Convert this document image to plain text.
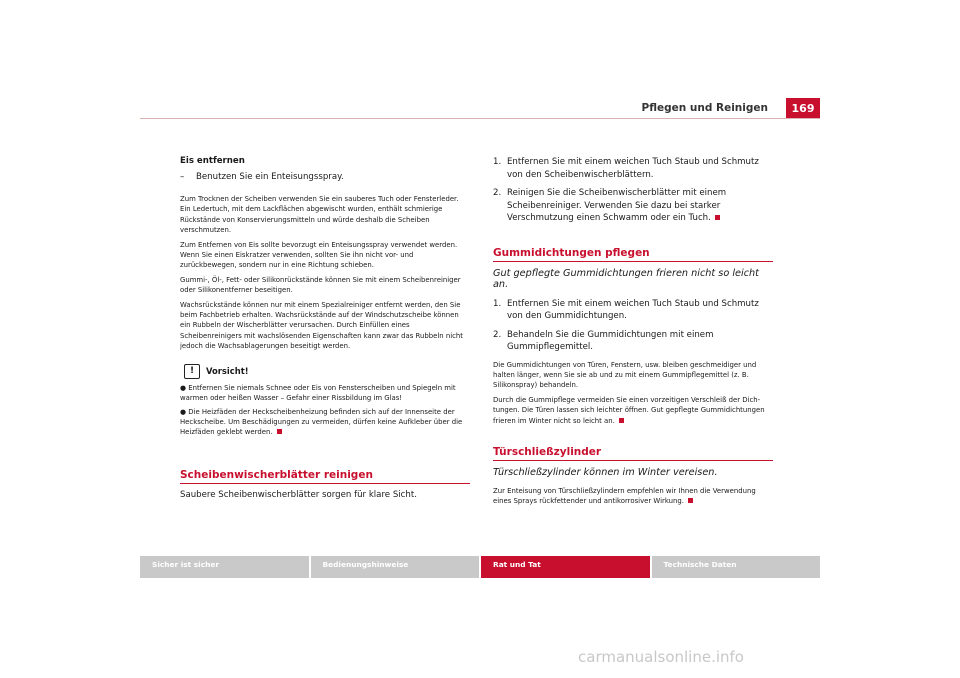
Pflegen und Reinigen	169

Eis entfernen

–	Benutzen Sie ein Enteisungsspray.

Zum Trocknen der Scheiben verwenden Sie ein sauberes Tuch oder Fensterleder. Ein Ledertuch, mit dem Lackflächen abgewischt wurden, enthält schmierige Rückstände von Konservierungsmitteln und würde deshalb die Scheiben verschmutzen.

Zum Entfernen von Eis sollte bevorzugt ein Enteisungsspray verwendet werden. Wenn Sie einen Eiskratzer verwenden, sollten Sie ihn nicht vor- und zurückbewegen, sondern nur in eine Richtung schieben.

Gummi-, Öl-, Fett- oder Silikonrückstände können Sie mit einem Scheibenreiniger oder Silikonentferner beseitigen.

Wachsrückstände können nur mit einem Spezialreiniger entfernt werden, den Sie beim Fachbetrieb erhalten. Wachsrückstände auf der Windschutzscheibe können ein Rubbeln der Wischerblätter verursachen. Durch Einfüllen eines Scheibenreinigers mit wachslösenden Eigenschaften kann zwar das Rubbeln nicht jedoch die Wachsablagerungen beseitigt werden.

!	Vorsicht!

● Entfernen Sie niemals Schnee oder Eis von Fensterscheiben und Spiegeln mit warmen oder heißen Wasser – Gefahr einer Rissbildung im Glas!

● Die Heizfäden der Heckscheibenheizung befinden sich auf der Innenseite der Heckscheibe. Um Beschädigungen zu vermeiden, dürfen keine Aufkleber über die Heizfäden geklebt werden.

Scheibenwischerblätter reinigen

Saubere Scheibenwischerblätter sorgen für klare Sicht.

1. Entfernen Sie mit einem weichen Tuch Staub und Schmutz von den Scheibenwischerblättern.
2. Reinigen Sie die Scheibenwischerblätter mit einem Scheibenreiniger. Verwenden Sie dazu bei starker Verschmutzung einen Schwamm oder ein Tuch.

Gummidichtungen pflegen

Gut gepflegte Gummidichtungen frieren nicht so leicht an.

1. Entfernen Sie mit einem weichen Tuch Staub und Schmutz von den Gummidichtungen.
2. Behandeln Sie die Gummidichtungen mit einem Gummipflegemittel.

Die Gummidichtungen von Türen, Fenstern, usw. bleiben geschmeidiger und halten länger, wenn Sie sie ab und zu mit einem Gummipflegemittel (z. B. Silikonspray) behandeln.

Durch die Gummipflege vermeiden Sie einen vorzeitigen Verschleiß der Dichtungen. Die Türen lassen sich leichter öffnen. Gut gepflegte Gummidichtungen frieren im Winter nicht so leicht an.

Türschließzylinder

Türschließzylinder können im Winter vereisen.

Zur Enteisung von Türschließzylindern empfehlen wir Ihnen die Verwendung eines Sprays rückfettender und antikorrosiver Wirkung.

Sicher ist sicher	Bedienungshinweise	Rat und Tat	Technische Daten
carmanualsonline.info
